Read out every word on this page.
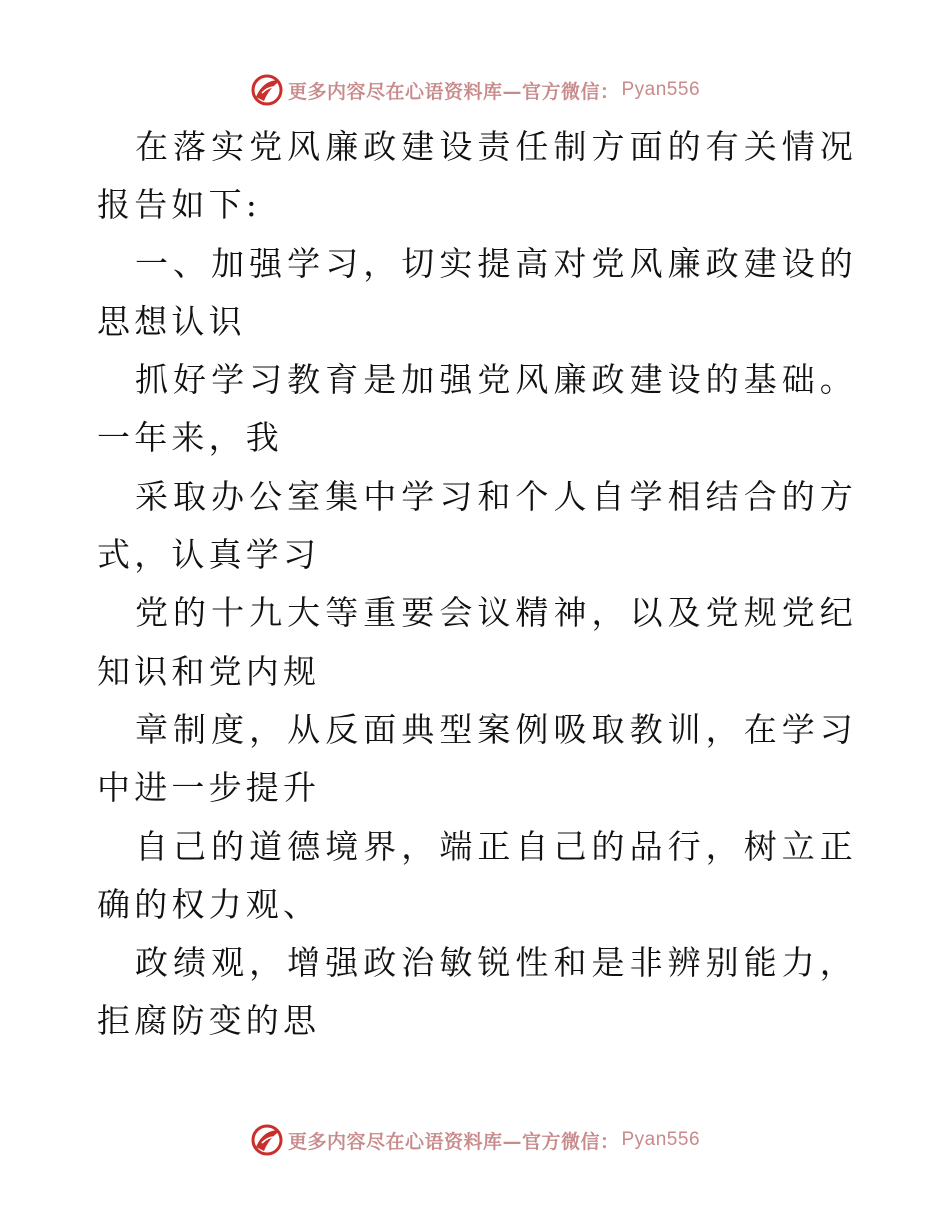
更多内容尽在心语资料库—官方微信： Pyan556

在落实党风廉政建设责任制方面的有关情况报告如下:

一、加强学习，切实提高对党风廉政建设的思想认识

抓好学习教育是加强党风廉政建设的基础。一年来，我

采取办公室集中学习和个人自学相结合的方式，认真学习

党的十九大等重要会议精神，以及党规党纪知识和党内规

章制度，从反面典型案例吸取教训，在学习中进一步提升

自己的道德境界，端正自己的品行，树立正确的权力观、

政绩观，增强政治敏锐性和是非辨别能力，拒腐防变的思

更多内容尽在心语资料库—官方微信： Pyan556
